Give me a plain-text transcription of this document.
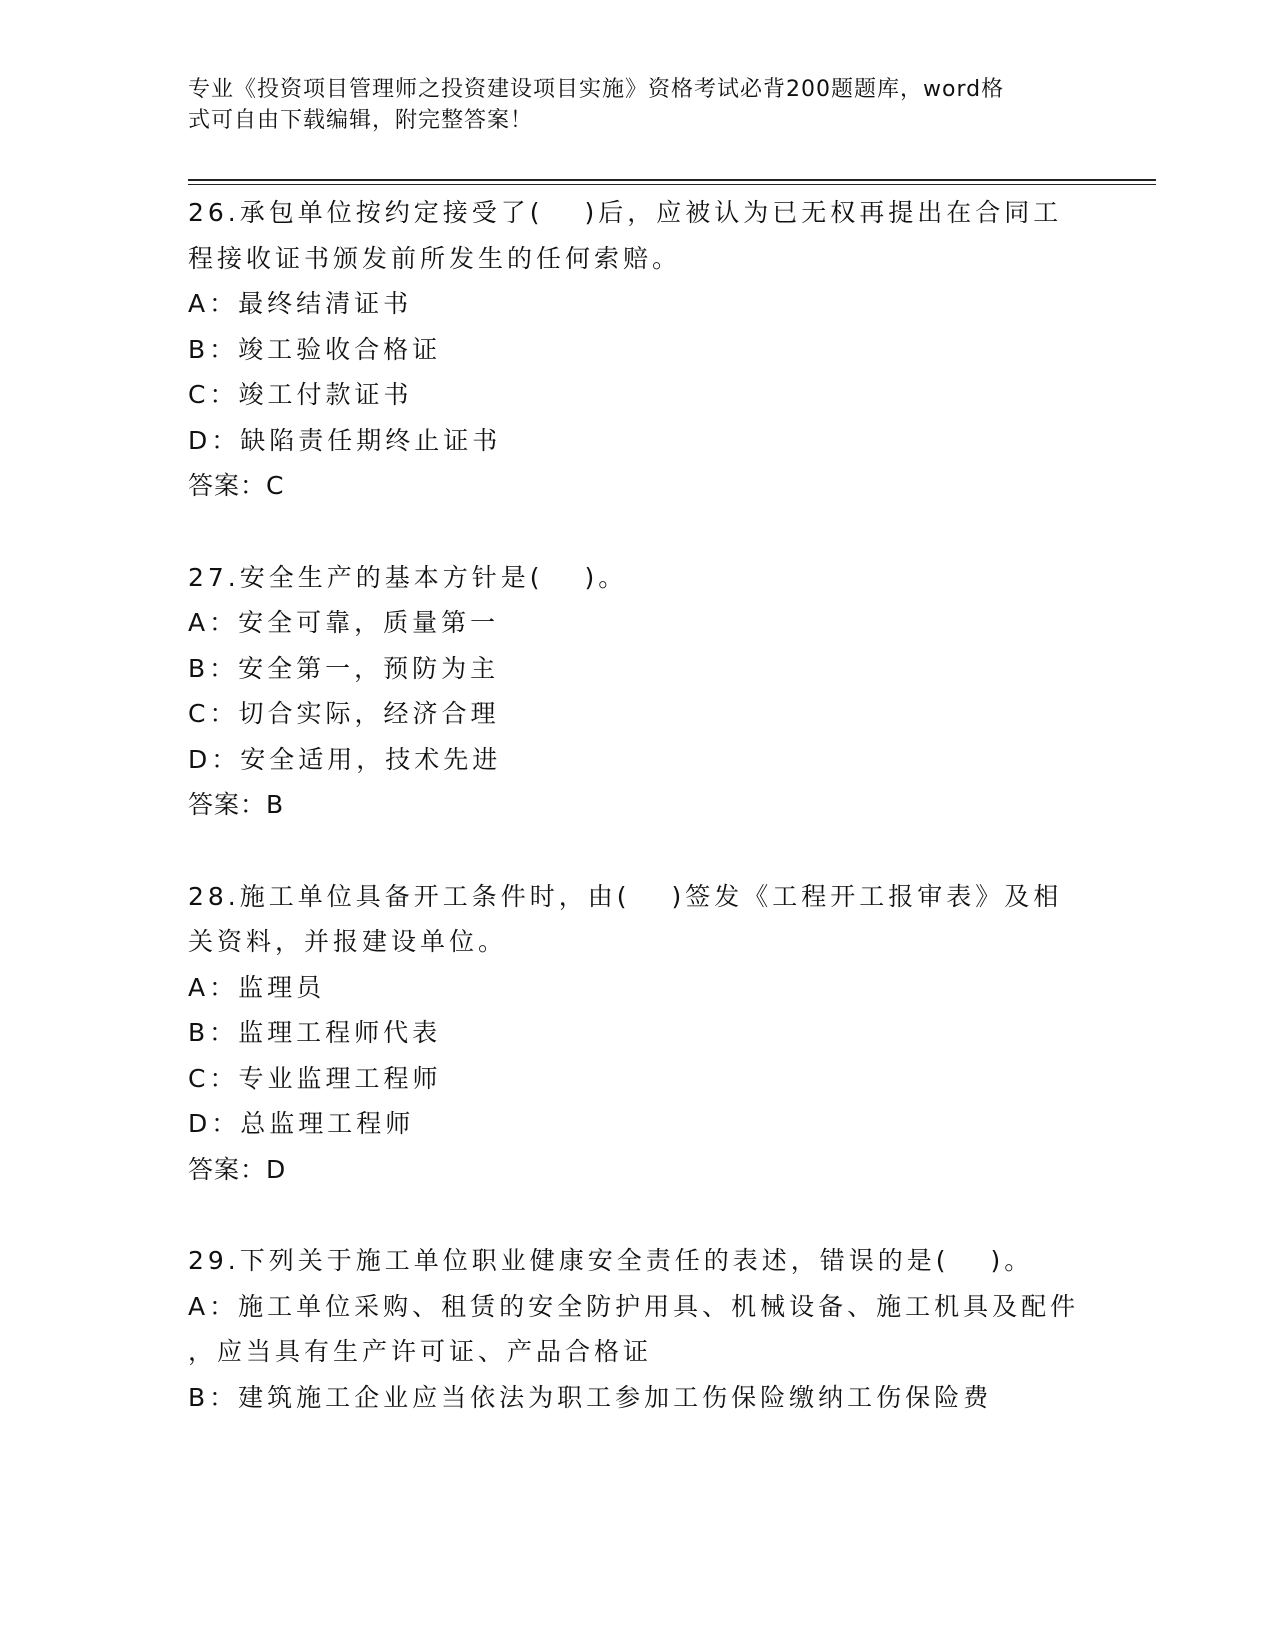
专业《投资项目管理师之投资建设项目实施》资格考试必背200题题库，word格
式可自由下载编辑，附完整答案！
26.承包单位按约定接受了(　 )后，应被认为已无权再提出在合同工
程接收证书颁发前所发生的任何索赔。
A：最终结清证书
B：竣工验收合格证
C：竣工付款证书
D：缺陷责任期终止证书
答案：C
27.安全生产的基本方针是(　 )。
A：安全可靠，质量第一
B：安全第一，预防为主
C：切合实际，经济合理
D：安全适用，技术先进
答案：B
28.施工单位具备开工条件时，由(　 )签发《工程开工报审表》及相
关资料，并报建设单位。
A：监理员
B：监理工程师代表
C：专业监理工程师
D：总监理工程师
答案：D
29.下列关于施工单位职业健康安全责任的表述，错误的是(　 )。
A：施工单位采购、租赁的安全防护用具、机械设备、施工机具及配件
，应当具有生产许可证、产品合格证
B：建筑施工企业应当依法为职工参加工伤保险缴纳工伤保险费
